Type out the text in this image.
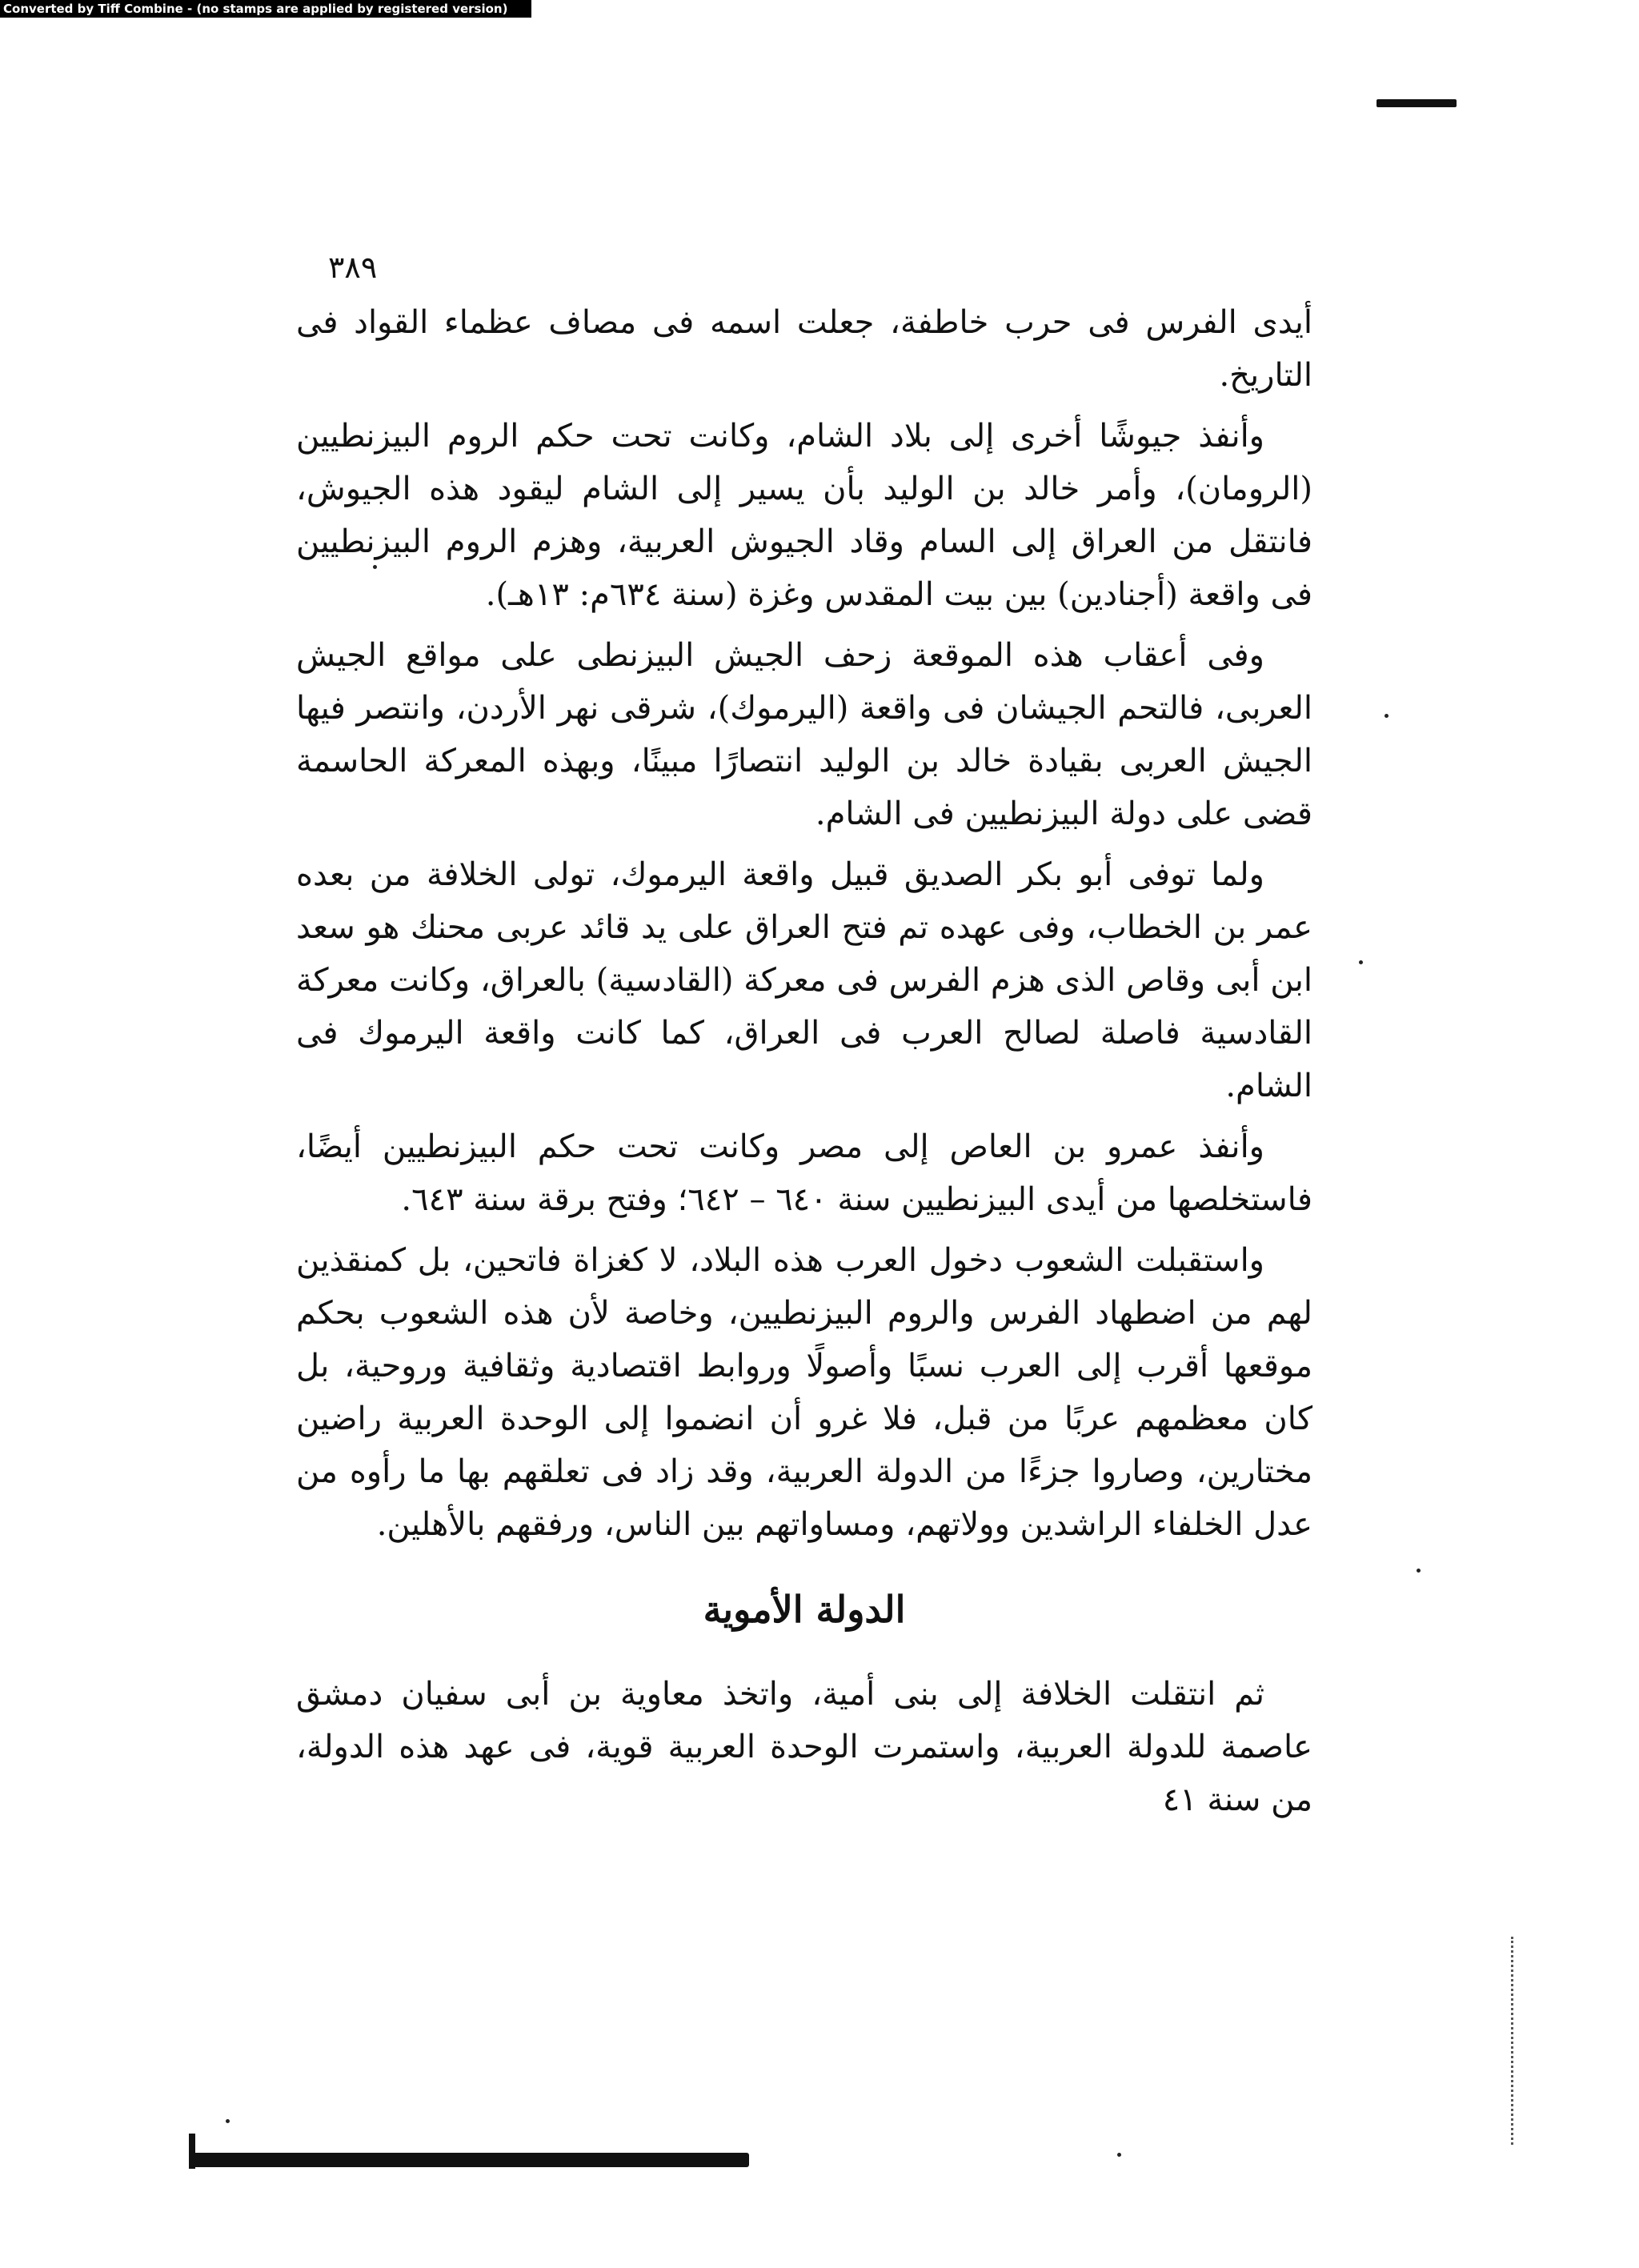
Converted by Tiff Combine - (no stamps are applied by registered version)
٣٨٩

أيدى الفرس فى حرب خاطفة، جعلت اسمه فى مصاف عظماء القواد فى التاريخ.

وأنفذ جيوشًا أخرى إلى بلاد الشام، وكانت تحت حكم الروم البيزنطيين (الرومان)، وأمر خالد بن الوليد بأن يسير إلى الشام ليقود هذه الجيوش، فانتقل من العراق إلى السام وقاد الجيوش العربية، وهزم الروم البيزنطيين فى واقعة (أجنادين) بين بيت المقدس وغزة (سنة ٦٣٤م: ١٣هـ).

وفى أعقاب هذه الموقعة زحف الجيش البيزنطى على مواقع الجيش العربى، فالتحم الجيشان فى واقعة (اليرموك)، شرقى نهر الأردن، وانتصر فيها الجيش العربى بقيادة خالد بن الوليد انتصارًا مبينًا، وبهذه المعركة الحاسمة قضى على دولة البيزنطيين فى الشام.

ولما توفى أبو بكر الصديق قبيل واقعة اليرموك، تولى الخلافة من بعده عمر بن الخطاب، وفى عهده تم فتح العراق على يد قائد عربى محنك هو سعد ابن أبى وقاص الذى هزم الفرس فى معركة (القادسية) بالعراق، وكانت معركة القادسية فاصلة لصالح العرب فى العراق، كما كانت واقعة اليرموك فى الشام.

وأنفذ عمرو بن العاص إلى مصر وكانت تحت حكم البيزنطيين أيضًا، فاستخلصها من أيدى البيزنطيين سنة ٦٤٠ – ٦٤٢؛ وفتح برقة سنة ٦٤٣.

واستقبلت الشعوب دخول العرب هذه البلاد، لا كغزاة فاتحين، بل كمنقذين لهم من اضطهاد الفرس والروم البيزنطيين، وخاصة لأن هذه الشعوب بحكم موقعها أقرب إلى العرب نسبًا وأصولًا وروابط اقتصادية وثقافية وروحية، بل كان معظمهم عربًا من قبل، فلا غرو أن انضموا إلى الوحدة العربية راضين مختارين، وصاروا جزءًا من الدولة العربية، وقد زاد فى تعلقهم بها ما رأوه من عدل الخلفاء الراشدين وولاتهم، ومساواتهم بين الناس، ورفقهم بالأهلين.

الدولة الأموية

ثم انتقلت الخلافة إلى بنى أمية، واتخذ معاوية بن أبى سفيان دمشق عاصمة للدولة العربية، واستمرت الوحدة العربية قوية، فى عهد هذه الدولة، من سنة ٤١
